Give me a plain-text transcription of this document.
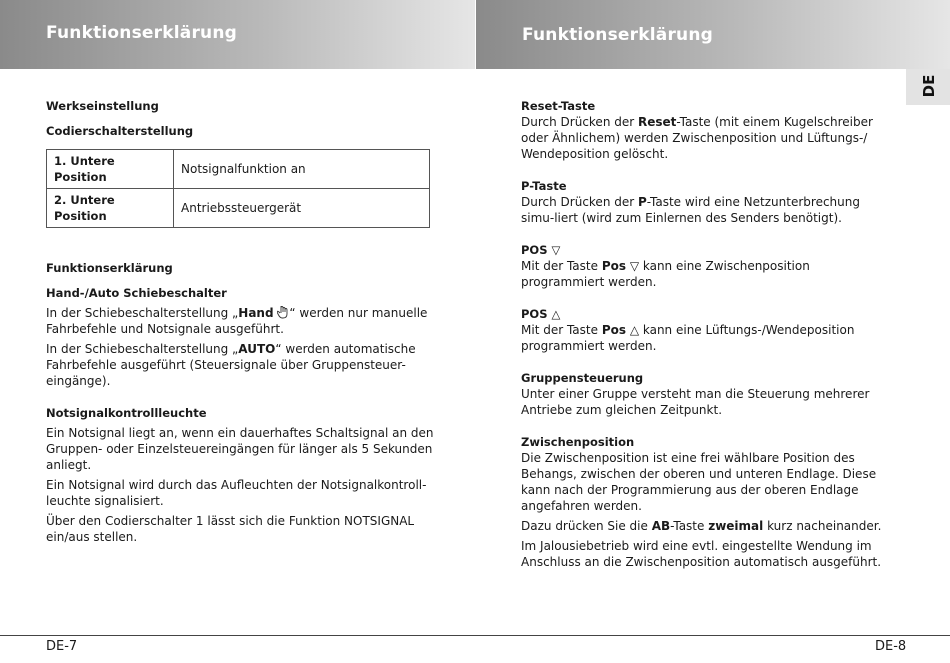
Funktionserklärung	Funktionserklärung
DE

Werkseinstellung

Codierschalterstellung

1. Untere Position	Notsignalfunktion an
2. Untere Position	Antriebssteuergerät

Funktionserklärung

Hand-/Auto Schiebeschalter

In der Schiebeschalterstellung „Hand “ werden nur manuelle Fahrbefehle und Notsignale ausgeführt.

In der Schiebeschalterstellung „AUTO“ werden automatische Fahrbefehle ausgeführt (Steuersignale über Gruppensteuer-eingänge).

Notsignalkontrollleuchte

Ein Notsignal liegt an, wenn ein dauerhaftes Schaltsignal an den Gruppen- oder Einzelsteuereingängen für länger als 5 Sekunden anliegt.

Ein Notsignal wird durch das Aufleuchten der Notsignalkontroll-leuchte signalisiert.

Über den Codierschalter 1 lässt sich die Funktion NOTSIGNAL ein/aus stellen.

Reset-Taste

Durch Drücken der Reset-Taste (mit einem Kugelschreiber oder Ähnlichem) werden Zwischenposition und Lüftungs-/ Wendeposition gelöscht.

P-Taste

Durch Drücken der P-Taste wird eine Netzunterbrechung simu-liert (wird zum Einlernen des Senders benötigt).

POS ▽

Mit der Taste Pos ▽ kann eine Zwischenposition programmiert werden.

POS △

Mit der Taste Pos △ kann eine Lüftungs-/Wendeposition programmiert werden.

Gruppensteuerung

Unter einer Gruppe versteht man die Steuerung mehrerer Antriebe zum gleichen Zeitpunkt.

Zwischenposition

Die Zwischenposition ist eine frei wählbare Position des Behangs, zwischen der oberen und unteren Endlage. Diese kann nach der Programmierung aus der oberen Endlage angefahren werden.

Dazu drücken Sie die AB-Taste zweimal kurz nacheinander.

Im Jalousiebetrieb wird eine evtl. eingestellte Wendung im Anschluss an die Zwischenposition automatisch ausgeführt.

DE-7	DE-8
